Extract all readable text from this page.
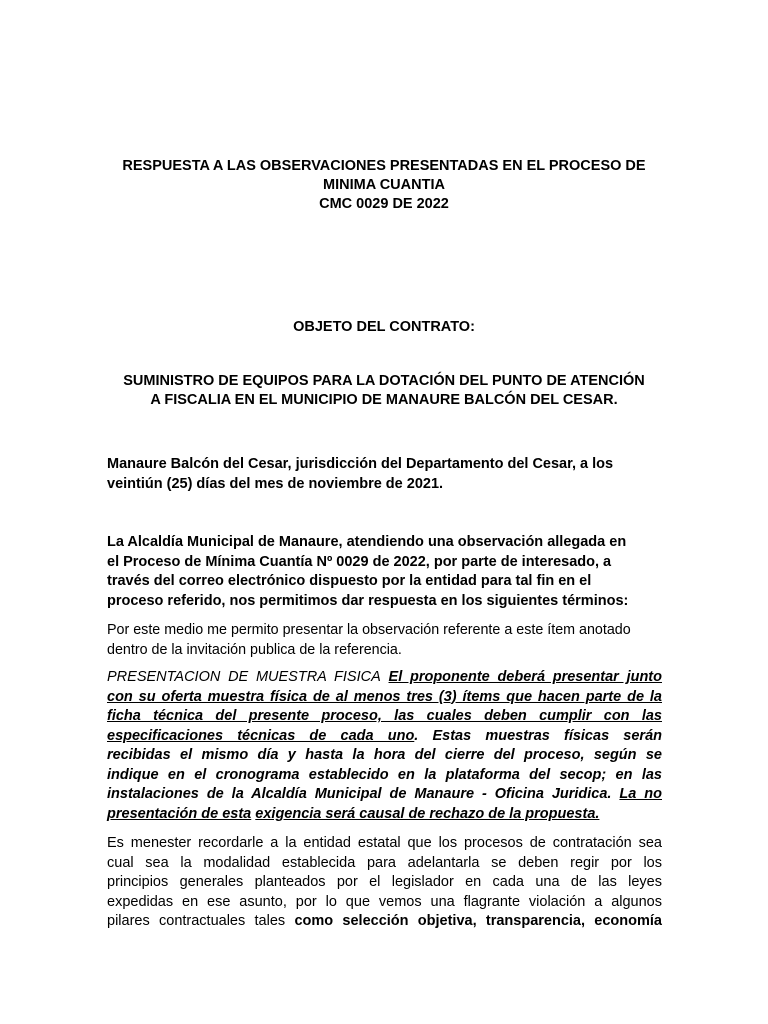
RESPUESTA A LAS OBSERVACIONES PRESENTADAS EN EL PROCESO DE
MINIMA CUANTIA
CMC 0029 DE 2022
OBJETO DEL CONTRATO:
SUMINISTRO DE EQUIPOS PARA LA DOTACIÓN DEL PUNTO DE ATENCIÓN
A FISCALIA EN EL MUNICIPIO DE MANAURE BALCÓN DEL CESAR.
Manaure Balcón del Cesar, jurisdicción del Departamento del Cesar, a los
veintiún (25) días del mes de noviembre de 2021.
La Alcaldía Municipal de Manaure, atendiendo una observación allegada en
el Proceso de Mínima Cuantía Nº 0029 de 2022, por parte de interesado, a
través del correo electrónico dispuesto por la entidad para tal fin en el
proceso referido, nos permitimos dar respuesta en los siguientes términos:
Por este medio me permito presentar la observación referente a este ítem anotado
dentro de la invitación publica de la referencia.
PRESENTACION DE MUESTRA FISICA El proponente deberá presentar junto
con su oferta muestra física de al menos tres (3) ítems que hacen parte de la
ficha técnica del presente proceso, las cuales deben cumplir con las
especificaciones técnicas de cada uno. Estas muestras físicas serán
recibidas el mismo día y hasta la hora del cierre del proceso, según se
indique en el cronograma establecido en la plataforma del secop; en las
instalaciones de la Alcaldía Municipal de Manaure - Oficina Juridica. La no
presentación de esta exigencia será causal de rechazo de la propuesta.
Es menester recordarle a la entidad estatal que los procesos de contratación sea
cual sea la modalidad establecida para adelantarla se deben regir por los
principios generales planteados por el legislador en cada una de las leyes
expedidas en ese asunto, por lo que vemos una flagrante violación a algunos
pilares contractuales tales como selección objetiva, transparencia, economía
